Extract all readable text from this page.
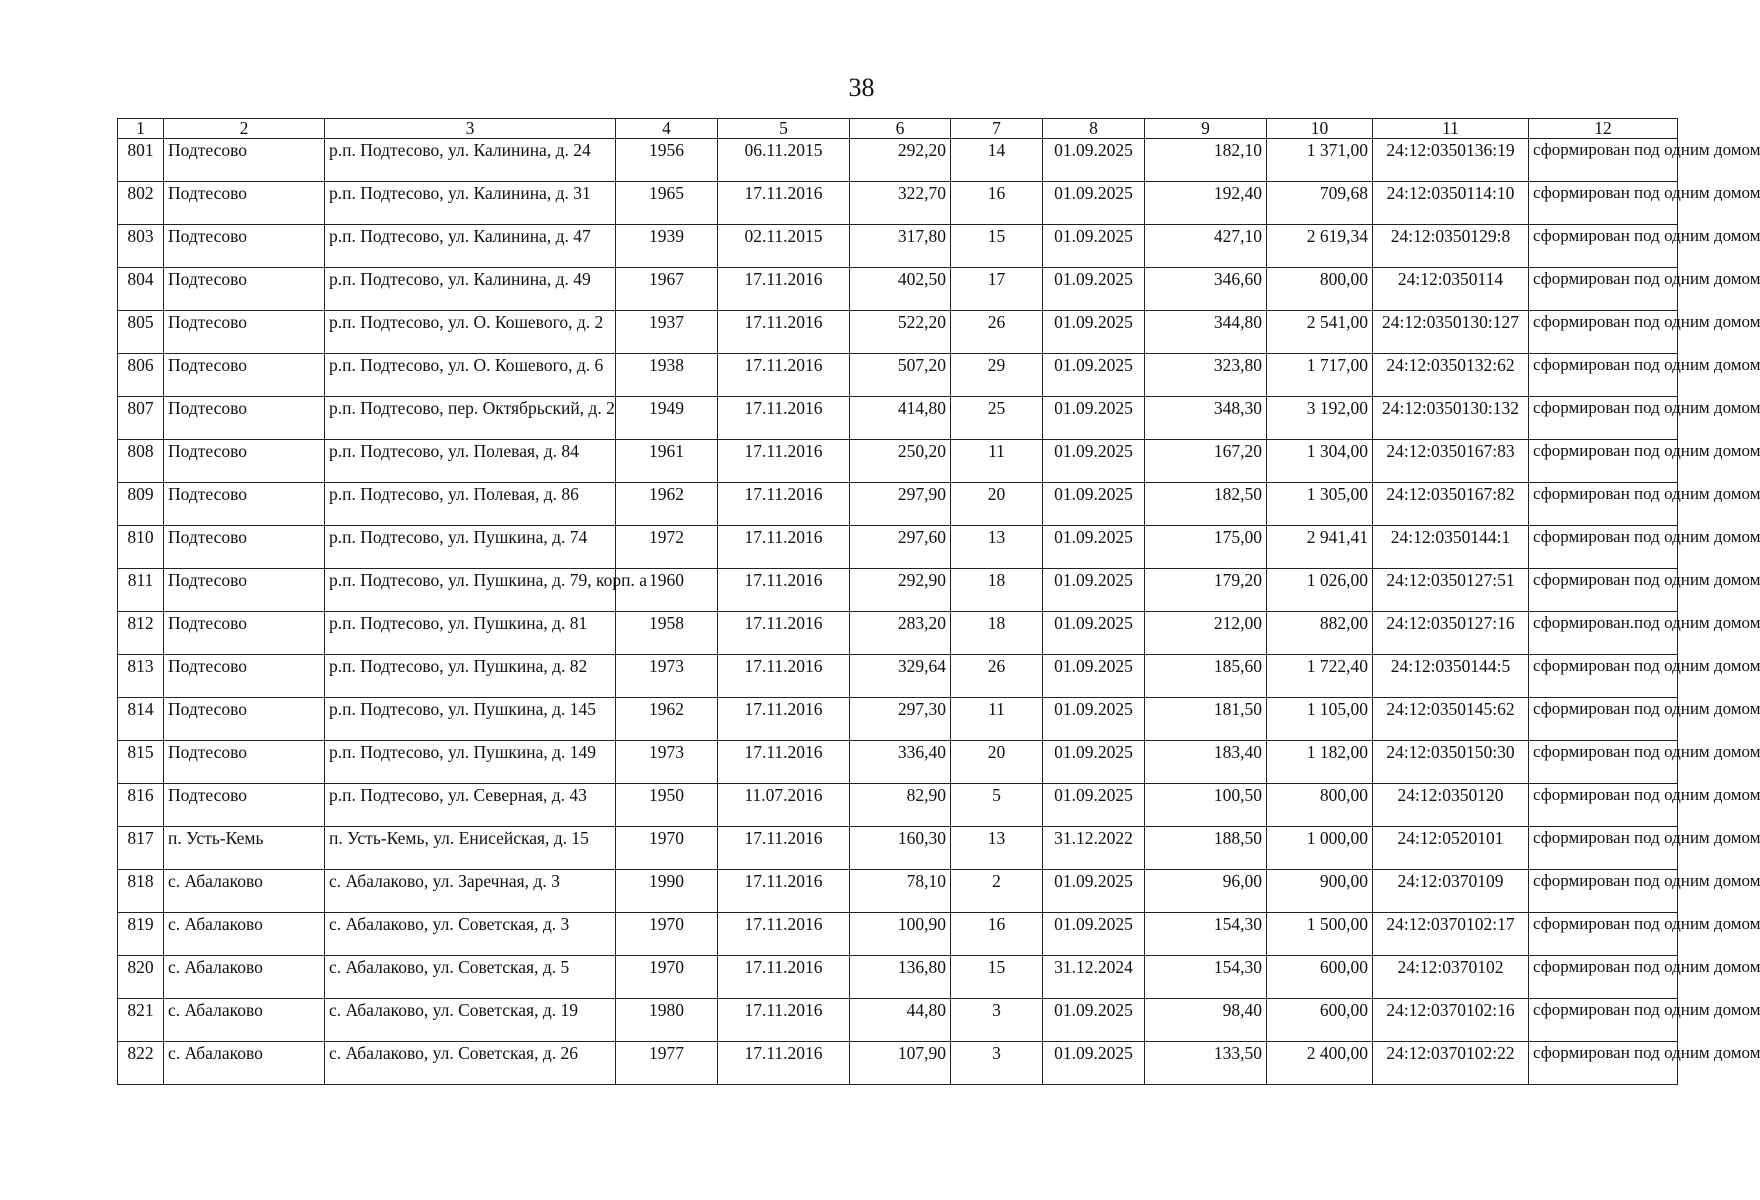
38
1	2	3	4	5	6	7	8	9	10	11	12
801	Подтесово	р.п. Подтесово, ул. Калинина, д. 24	1956	06.11.2015	292,20	14	01.09.2025	182,10	1 371,00	24:12:0350136:19	сформирован под одним домом
802	Подтесово	р.п. Подтесово, ул. Калинина, д. 31	1965	17.11.2016	322,70	16	01.09.2025	192,40	709,68	24:12:0350114:10	сформирован под одним домом
803	Подтесово	р.п. Подтесово, ул. Калинина, д. 47	1939	02.11.2015	317,80	15	01.09.2025	427,10	2 619,34	24:12:0350129:8	сформирован под одним домом
804	Подтесово	р.п. Подтесово, ул. Калинина, д. 49	1967	17.11.2016	402,50	17	01.09.2025	346,60	800,00	24:12:0350114	сформирован под одним домом
805	Подтесово	р.п. Подтесово, ул. О. Кошевого, д. 2	1937	17.11.2016	522,20	26	01.09.2025	344,80	2 541,00	24:12:0350130:127	сформирован под одним домом
806	Подтесово	р.п. Подтесово, ул. О. Кошевого, д. 6	1938	17.11.2016	507,20	29	01.09.2025	323,80	1 717,00	24:12:0350132:62	сформирован под одним домом
807	Подтесово	р.п. Подтесово, пер. Октябрьский, д. 2	1949	17.11.2016	414,80	25	01.09.2025	348,30	3 192,00	24:12:0350130:132	сформирован под одним домом
808	Подтесово	р.п. Подтесово, ул. Полевая, д. 84	1961	17.11.2016	250,20	11	01.09.2025	167,20	1 304,00	24:12:0350167:83	сформирован под одним домом
809	Подтесово	р.п. Подтесово, ул. Полевая, д. 86	1962	17.11.2016	297,90	20	01.09.2025	182,50	1 305,00	24:12:0350167:82	сформирован под одним домом
810	Подтесово	р.п. Подтесово, ул. Пушкина, д. 74	1972	17.11.2016	297,60	13	01.09.2025	175,00	2 941,41	24:12:0350144:1	сформирован под одним домом
811	Подтесово	р.п. Подтесово, ул. Пушкина, д. 79, корп. а	1960	17.11.2016	292,90	18	01.09.2025	179,20	1 026,00	24:12:0350127:51	сформирован под одним домом
812	Подтесово	р.п. Подтесово, ул. Пушкина, д. 81	1958	17.11.2016	283,20	18	01.09.2025	212,00	882,00	24:12:0350127:16	сформирован.под одним домом
813	Подтесово	р.п. Подтесово, ул. Пушкина, д. 82	1973	17.11.2016	329,64	26	01.09.2025	185,60	1 722,40	24:12:0350144:5	сформирован под одним домом
814	Подтесово	р.п. Подтесово, ул. Пушкина, д. 145	1962	17.11.2016	297,30	11	01.09.2025	181,50	1 105,00	24:12:0350145:62	сформирован под одним домом
815	Подтесово	р.п. Подтесово, ул. Пушкина, д. 149	1973	17.11.2016	336,40	20	01.09.2025	183,40	1 182,00	24:12:0350150:30	сформирован под одним домом
816	Подтесово	р.п. Подтесово, ул. Северная, д. 43	1950	11.07.2016	82,90	5	01.09.2025	100,50	800,00	24:12:0350120	сформирован под одним домом
817	п. Усть-Кемь	п. Усть-Кемь, ул. Енисейская, д. 15	1970	17.11.2016	160,30	13	31.12.2022	188,50	1 000,00	24:12:0520101	сформирован под одним домом
818	с. Абалаково	с. Абалаково, ул. Заречная, д. 3	1990	17.11.2016	78,10	2	01.09.2025	96,00	900,00	24:12:0370109	сформирован под одним домом
819	с. Абалаково	с. Абалаково, ул. Советская, д. 3	1970	17.11.2016	100,90	16	01.09.2025	154,30	1 500,00	24:12:0370102:17	сформирован под одним домом
820	с. Абалаково	с. Абалаково, ул. Советская, д. 5	1970	17.11.2016	136,80	15	31.12.2024	154,30	600,00	24:12:0370102	сформирован под одним домом
821	с. Абалаково	с. Абалаково, ул. Советская, д. 19	1980	17.11.2016	44,80	3	01.09.2025	98,40	600,00	24:12:0370102:16	сформирован под одним домом
822	с. Абалаково	с. Абалаково, ул. Советская, д. 26	1977	17.11.2016	107,90	3	01.09.2025	133,50	2 400,00	24:12:0370102:22	сформирован под одним домом
